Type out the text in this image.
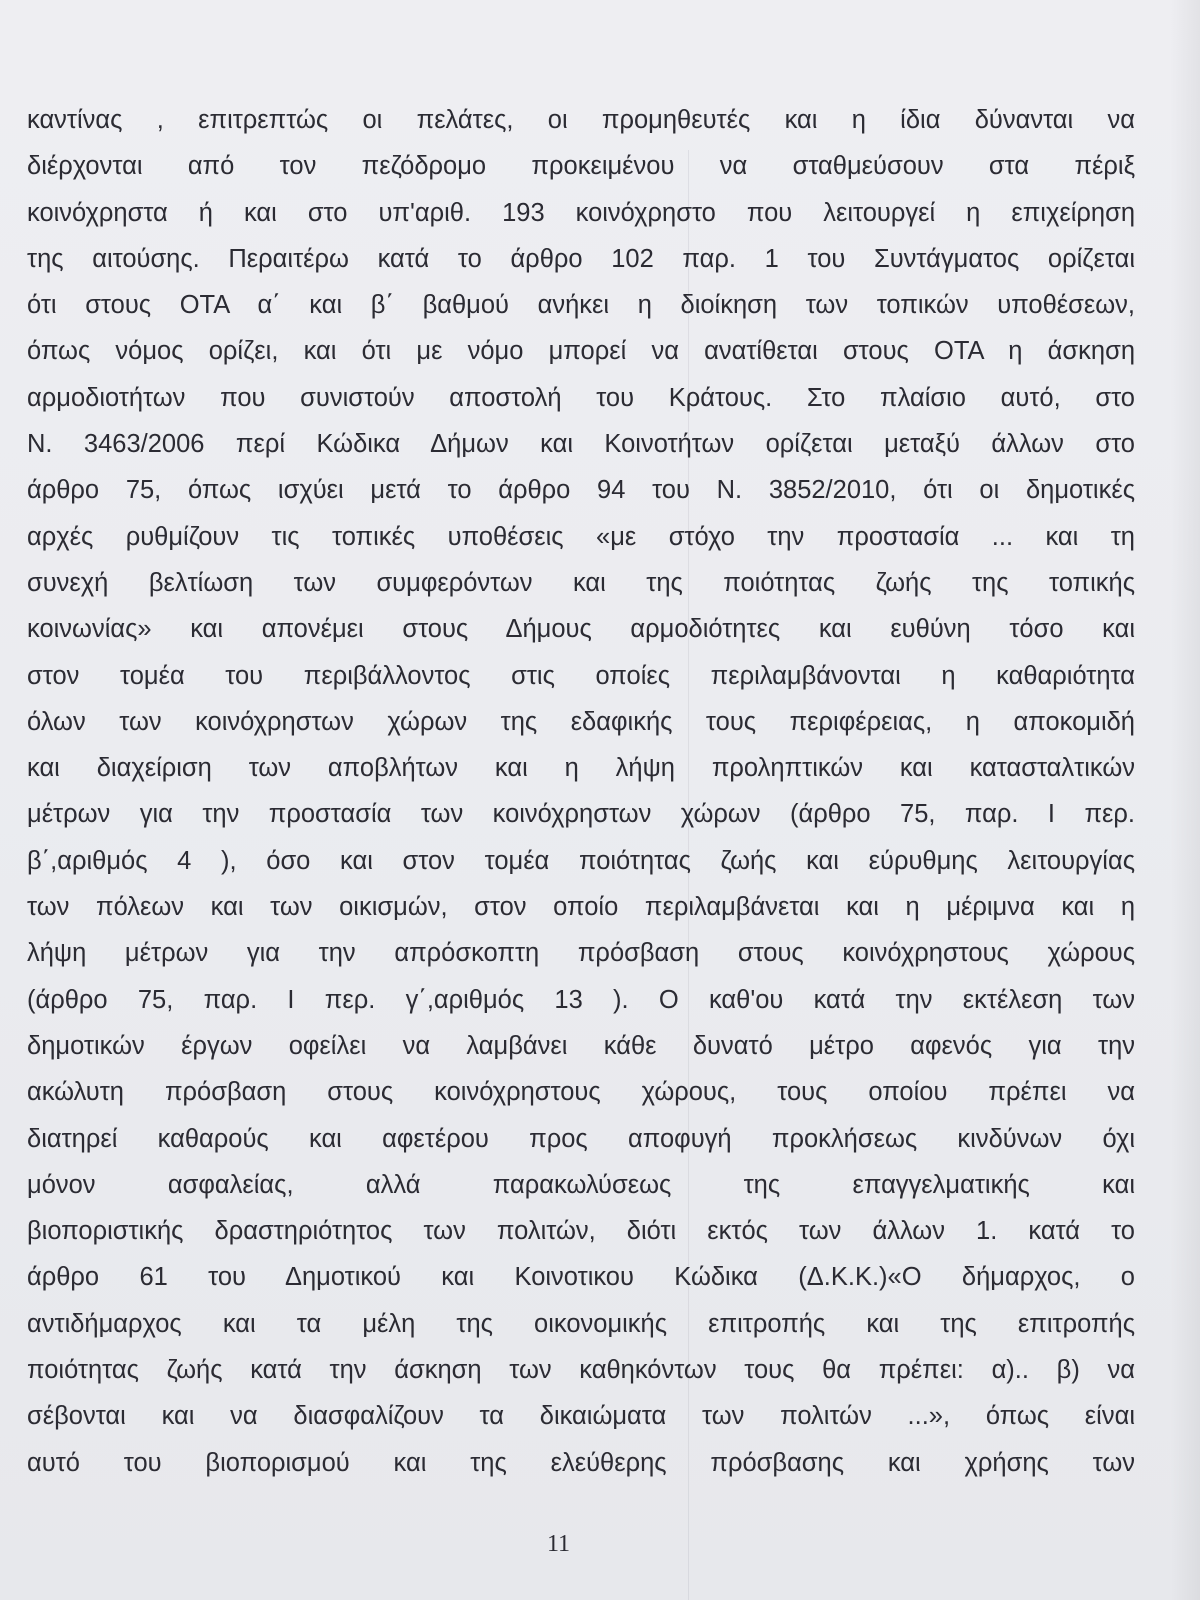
καντίνας , επιτρεπτώς οι πελάτες, οι προμηθευτές και η ίδια δύνανται να
διέρχονται από τον πεζόδρομο προκειμένου να σταθμεύσουν στα πέριξ
κοινόχρηστα ή και στο υπ'αριθ. 193 κοινόχρηστο που λειτουργεί η επιχείρηση
της αιτούσης. Περαιτέρω κατά το άρθρο 102 παρ. 1 του Συντάγματος ορίζεται
ότι στους ΟΤΑ α΄ και β΄ βαθμού ανήκει η διοίκηση των τοπικών υποθέσεων,
όπως νόμος ορίζει, και ότι με νόμο μπορεί να ανατίθεται στους ΟΤΑ η άσκηση
αρμοδιοτήτων που συνιστούν αποστολή του Κράτους. Στο πλαίσιο αυτό, στο
Ν. 3463/2006 περί Κώδικα Δήμων και Κοινοτήτων ορίζεται μεταξύ άλλων στο
άρθρο 75, όπως ισχύει μετά το άρθρο 94 του Ν. 3852/2010, ότι οι δημοτικές
αρχές ρυθμίζουν τις τοπικές υποθέσεις «με στόχο την προστασία ... και τη
συνεχή βελτίωση των συμφερόντων και της ποιότητας ζωής της τοπικής
κοινωνίας» και απονέμει στους Δήμους αρμοδιότητες και ευθύνη τόσο και
στον τομέα του περιβάλλοντος στις οποίες περιλαμβάνονται η καθαριότητα
όλων των κοινόχρηστων χώρων της εδαφικής τους περιφέρειας, η αποκομιδή
και διαχείριση των αποβλήτων και η λήψη προληπτικών και κατασταλτικών
μέτρων για την προστασία των κοινόχρηστων χώρων (άρθρο 75, παρ. Ι περ.
β΄,αριθμός 4 ), όσο και στον τομέα ποιότητας ζωής και εύρυθμης λειτουργίας
των πόλεων και των οικισμών, στον οποίο περιλαμβάνεται και η μέριμνα και η
λήψη μέτρων για την απρόσκοπτη πρόσβαση στους κοινόχρηστους χώρους
(άρθρο 75, παρ. Ι περ. γ΄,αριθμός 13 ). Ο καθ'ου κατά την εκτέλεση των
δημοτικών έργων οφείλει να λαμβάνει κάθε δυνατό μέτρο αφενός για την
ακώλυτη πρόσβαση στους κοινόχρηστους χώρους, τους οποίου πρέπει να
διατηρεί καθαρούς και αφετέρου προς αποφυγή προκλήσεως κινδύνων όχι
μόνον ασφαλείας, αλλά παρακωλύσεως της επαγγελματικής και
βιοποριστικής δραστηριότητος των πολιτών, διότι εκτός των άλλων 1. κατά το
άρθρο 61 του Δημοτικού και Κοινοτικου Κώδικα (Δ.Κ.Κ.)«Ο δήμαρχος, ο
αντιδήμαρχος και τα μέλη της οικονομικής επιτροπής και της επιτροπής
ποιότητας ζωής κατά την άσκηση των καθηκόντων τους θα πρέπει: α).. β) να
σέβονται και να διασφαλίζουν τα δικαιώματα των πολιτών ...», όπως είναι
αυτό του βιοπορισμού και της ελεύθερης πρόσβασης και χρήσης των
11
